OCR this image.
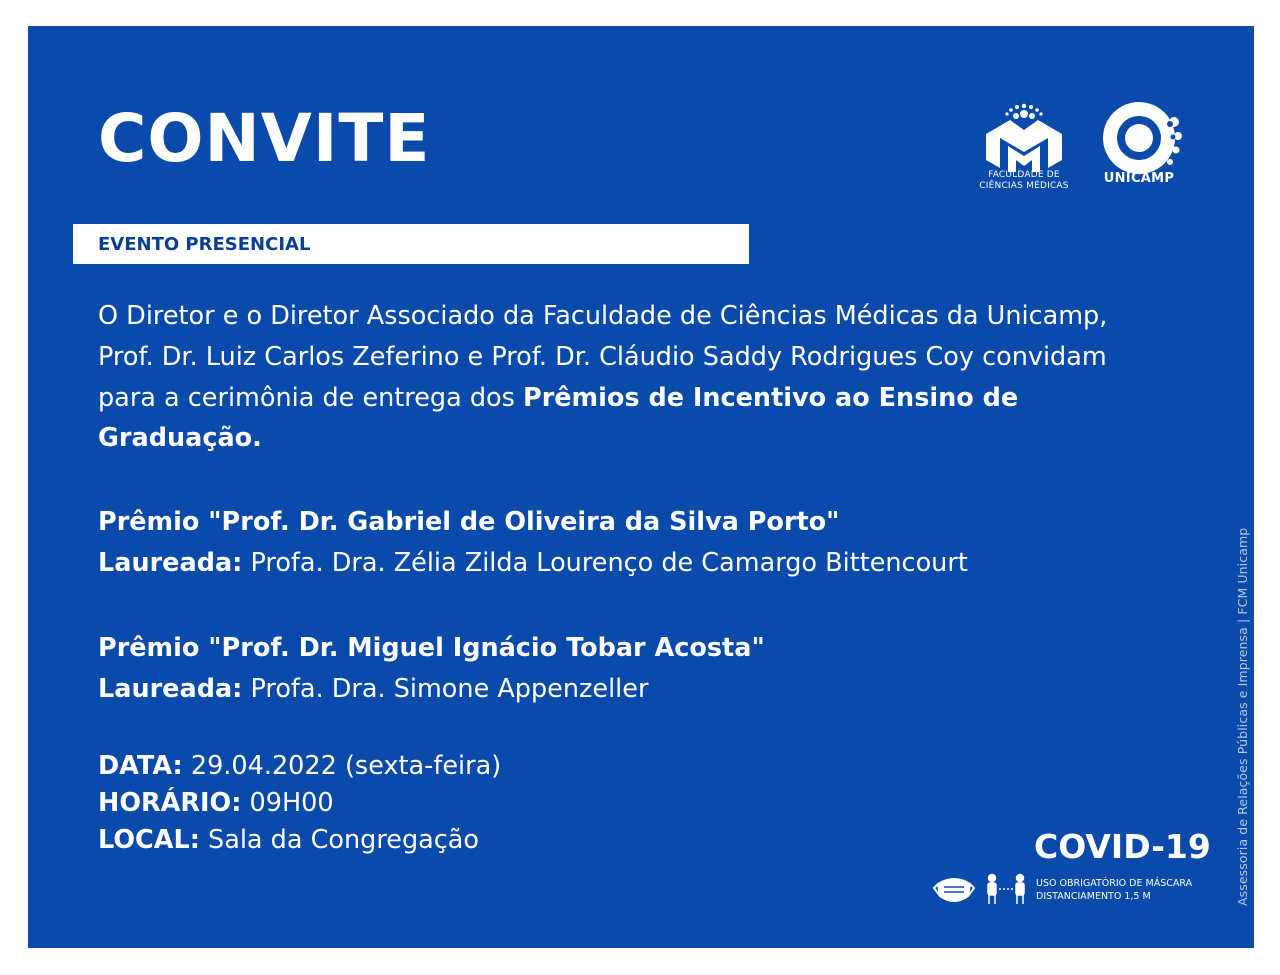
CONVITE	FACULDADE DE
CIÊNCIAS MÉDICAS	UNICAMP
EVENTO PRESENCIAL
O Diretor e o Diretor Associado da Faculdade de Ciências Médicas da Unicamp,
Prof. Dr. Luiz Carlos Zeferino e Prof. Dr. Cláudio Saddy Rodrigues Coy convidam
para a cerimônia de entrega dos Prêmios de Incentivo ao Ensino de
Graduação.
Prêmio "Prof. Dr. Gabriel de Oliveira da Silva Porto"
Laureada: Profa. Dra. Zélia Zilda Lourenço de Camargo Bittencourt
Prêmio "Prof. Dr. Miguel Ignácio Tobar Acosta"
Laureada: Profa. Dra. Simone Appenzeller
DATA: 29.04.2022 (sexta-feira)
HORÁRIO: 09H00
LOCAL: Sala da Congregação	COVID-19
USO OBRIGATÓRIO DE MÁSCARA
DISTANCIAMENTO 1,5 M	Assessoria de Relações Públicas e Imprensa | FCM Unicamp
